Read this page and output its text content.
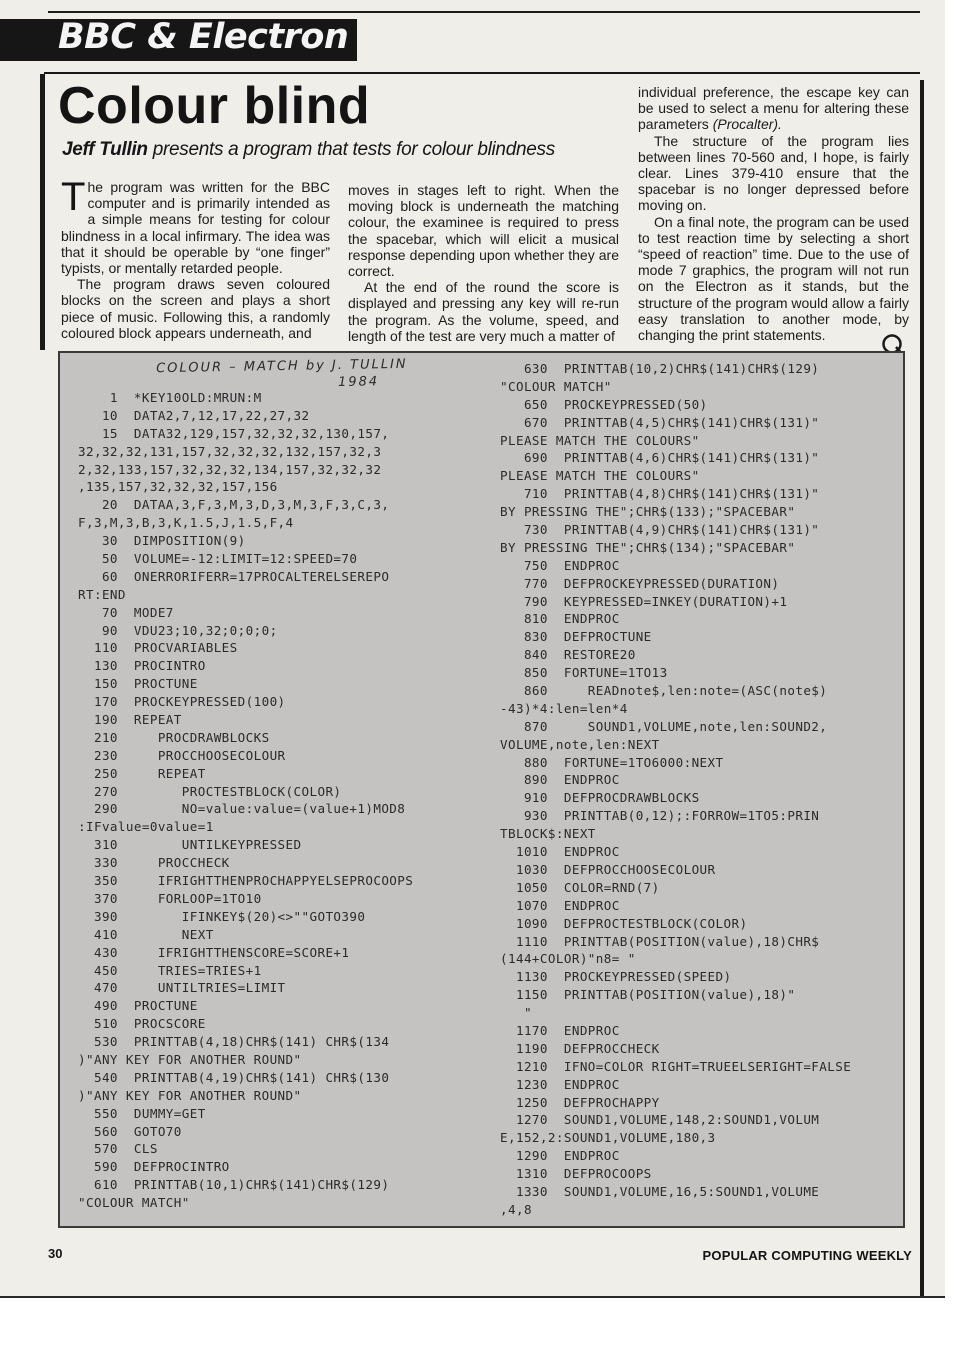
BBC & Electron
Colour blind
Jeff Tullin presents a program that tests for colour blindness

The program was written for the BBC computer and is primarily intended as a simple means for testing for colour blindness in a local infirmary. The idea was that it should be operable by “one finger” typists, or mentally retarded people.

The program draws seven coloured blocks on the screen and plays a short piece of music. Following this, a randomly coloured block appears underneath, and

moves in stages left to right. When the moving block is underneath the matching colour, the examinee is required to press the spacebar, which will elicit a musical response depending upon whether they are correct.

At the end of the round the score is displayed and pressing any key will re-run the program. As the volume, speed, and length of the test are very much a matter of

individual preference, the escape key can be used to select a menu for altering these parameters (Procalter).

The structure of the program lies between lines 70-560 and, I hope, is fairly clear. Lines 379-410 ensure that the spacebar is no longer depressed before moving on.

On a final note, the program can be used to test reaction time by selecting a short “speed of reaction” time. Due to the use of mode 7 graphics, the program will not run on the Electron as it stands, but the structure of the program would allow a fairly easy translation to another mode, by changing the print statements.

COLOUR – MATCH by J. TULLIN
1984
1  *KEY10OLD:MRUN:M
10  DATA2,7,12,17,22,27,32
15  DATA32,129,157,32,32,32,130,157,
32,32,32,131,157,32,32,32,132,157,32,3
2,32,133,157,32,32,32,134,157,32,32,32
,135,157,32,32,32,157,156
20  DATAA,3,F,3,M,3,D,3,M,3,F,3,C,3,
F,3,M,3,B,3,K,1.5,J,1.5,F,4
30  DIMPOSITION(9)
50  VOLUME=-12:LIMIT=12:SPEED=70
60  ONERRORIFERR=17PROCALTERELSEREPO
RT:END
70  MODE7
90  VDU23;10,32;0;0;0;
110  PROCVARIABLES
130  PROCINTRO
150  PROCTUNE
170  PROCKEYPRESSED(100)
190  REPEAT
210     PROCDRAWBLOCKS
230     PROCCHOOSECOLOUR
250     REPEAT
270        PROCTESTBLOCK(COLOR)
290        NO=value:value=(value+1)MOD8
:IFvalue=0value=1
310        UNTILKEYPRESSED
330     PROCCHECK
350     IFRIGHTTHENPROCHAPPYELSEPROCOOPS
370     FORLOOP=1TO10
390        IFINKEY$(20)<>""GOTO390
410        NEXT
430     IFRIGHTTHENSCORE=SCORE+1
450     TRIES=TRIES+1
470     UNTILTRIES=LIMIT
490  PROCTUNE
510  PROCSCORE
530  PRINTTAB(4,18)CHR$(141) CHR$(134
)"ANY KEY FOR ANOTHER ROUND"
540  PRINTTAB(4,19)CHR$(141) CHR$(130
)"ANY KEY FOR ANOTHER ROUND"
550  DUMMY=GET
560  GOTO70
570  CLS
590  DEFPROCINTRO
610  PRINTTAB(10,1)CHR$(141)CHR$(129)
"COLOUR MATCH"
630  PRINTTAB(10,2)CHR$(141)CHR$(129)
"COLOUR MATCH"
650  PROCKEYPRESSED(50)
670  PRINTTAB(4,5)CHR$(141)CHR$(131)"
PLEASE MATCH THE COLOURS"
690  PRINTTAB(4,6)CHR$(141)CHR$(131)"
PLEASE MATCH THE COLOURS"
710  PRINTTAB(4,8)CHR$(141)CHR$(131)"
BY PRESSING THE";CHR$(133);"SPACEBAR"
730  PRINTTAB(4,9)CHR$(141)CHR$(131)"
BY PRESSING THE";CHR$(134);"SPACEBAR"
750  ENDPROC
770  DEFPROCKEYPRESSED(DURATION)
790  KEYPRESSED=INKEY(DURATION)+1
810  ENDPROC
830  DEFPROCTUNE
840  RESTORE20
850  FORTUNE=1TO13
860     READnote$,len:note=(ASC(note$)
-43)*4:len=len*4
870     SOUND1,VOLUME,note,len:SOUND2,
VOLUME,note,len:NEXT
880  FORTUNE=1TO6000:NEXT
890  ENDPROC
910  DEFPROCDRAWBLOCKS
930  PRINTTAB(0,12);:FORROW=1TO5:PRIN
TBLOCK$:NEXT
1010  ENDPROC
1030  DEFPROCCHOOSECOLOUR
1050  COLOR=RND(7)
1070  ENDPROC
1090  DEFPROCTESTBLOCK(COLOR)
1110  PRINTTAB(POSITION(value),18)CHR$
(144+COLOR)"n8= "
1130  PROCKEYPRESSED(SPEED)
1150  PRINTTAB(POSITION(value),18)"
"
1170  ENDPROC
1190  DEFPROCCHECK
1210  IFNO=COLOR RIGHT=TRUEELSERIGHT=FALSE
1230  ENDPROC
1250  DEFPROCHAPPY
1270  SOUND1,VOLUME,148,2:SOUND1,VOLUM
E,152,2:SOUND1,VOLUME,180,3
1290  ENDPROC
1310  DEFPROCOOPS
1330  SOUND1,VOLUME,16,5:SOUND1,VOLUME
,4,8
30	POPULAR COMPUTING WEEKLY
